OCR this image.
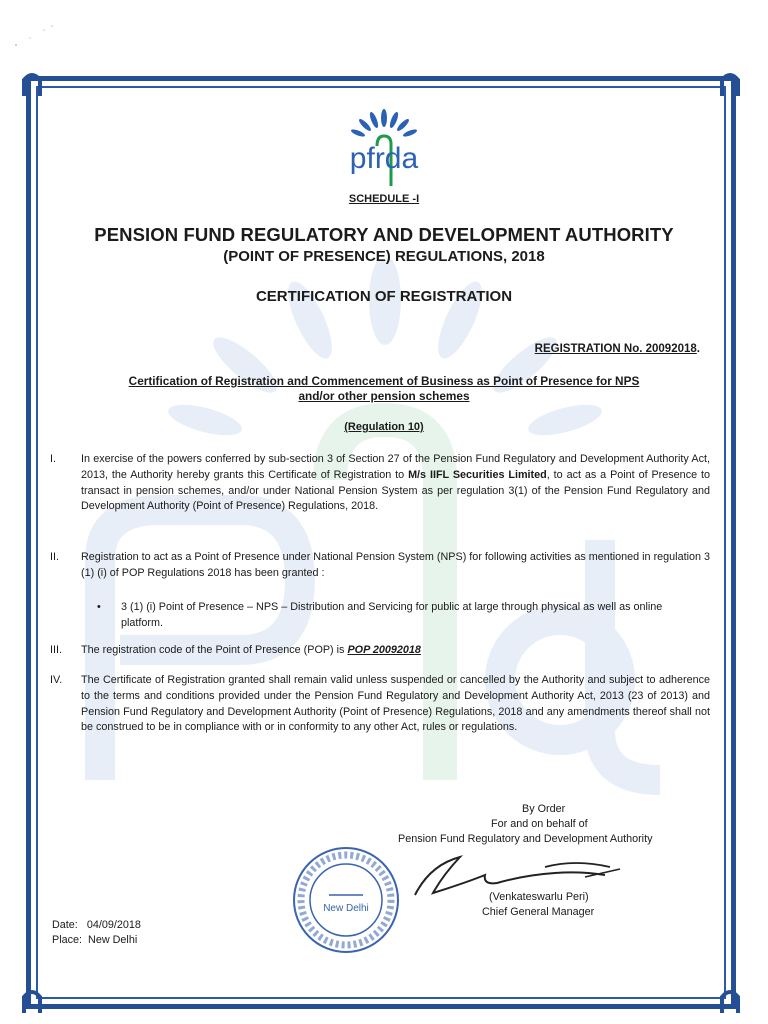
pfrda
SCHEDULE -I
PENSION FUND REGULATORY AND DEVELOPMENT AUTHORITY
(POINT OF PRESENCE) REGULATIONS, 2018
CERTIFICATION OF REGISTRATION
REGISTRATION No. 20092018.
Certification of Registration and Commencement of Business as Point of Presence for NPS
and/or other pension schemes
(Regulation 10)
I.	In exercise of the powers conferred by sub-section 3 of Section 27 of the Pension Fund Regulatory and Development Authority Act, 2013, the Authority hereby grants this Certificate of Registration to M/s IIFL Securities Limited, to act as a Point of Presence to transact in pension schemes, and/or under National Pension System as per regulation 3(1) of the Pension Fund Regulatory and Development Authority (Point of Presence) Regulations, 2018.
II.	Registration to act as a Point of Presence under National Pension System (NPS) for following activities as mentioned in regulation 3 (1) (i) of POP Regulations 2018 has been granted :
• 3 (1) (i) Point of Presence – NPS – Distribution and Servicing for public at large through physical as well as online platform.
III.	The registration code of the Point of Presence (POP) is POP 20092018
IV.	The Certificate of Registration granted shall remain valid unless suspended or cancelled by the Authority and subject to adherence to the terms and conditions provided under the Pension Fund Regulatory and Development Authority Act, 2013 (23 of 2013) and Pension Fund Regulatory and Development Authority (Point of Presence) Regulations, 2018 and any amendments thereof shall not be construed to be in compliance with or in conformity to any other Act, rules or regulations.
By Order
For and on behalf of
Pension Fund Regulatory and Development Authority
New Delhi
(Venkateswarlu Peri)
Chief General Manager
Date: 04/09/2018
Place: New Delhi
